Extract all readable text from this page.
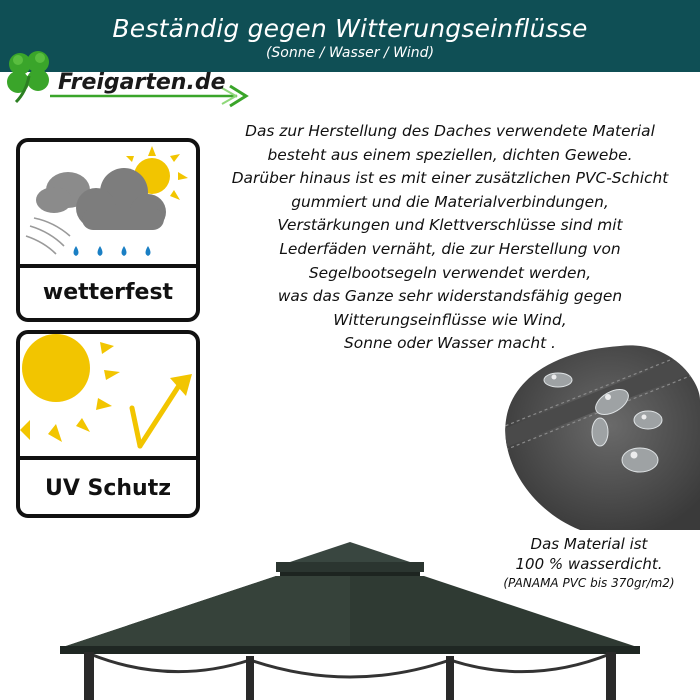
Beständig gegen Witterungseinflüsse
(Sonne / Wasser / Wind)
Freigarten.de
wetterfest
UV Schutz
Das zur Herstellung des Daches verwendete Material
besteht aus einem speziellen, dichten Gewebe.
Darüber hinaus ist es mit einer zusätzlichen PVC-Schicht
gummiert und die Materialverbindungen,
Verstärkungen und Klettverschlüsse sind mit
Lederfäden vernäht, die zur Herstellung von
Segelbootsegeln verwendet werden,
was das Ganze sehr widerstandsfähig gegen
Witterungseinflüsse wie Wind,
Sonne oder Wasser macht .
Das Material ist
100 % wasserdicht.
(PANAMA PVC bis 370gr/m2)
